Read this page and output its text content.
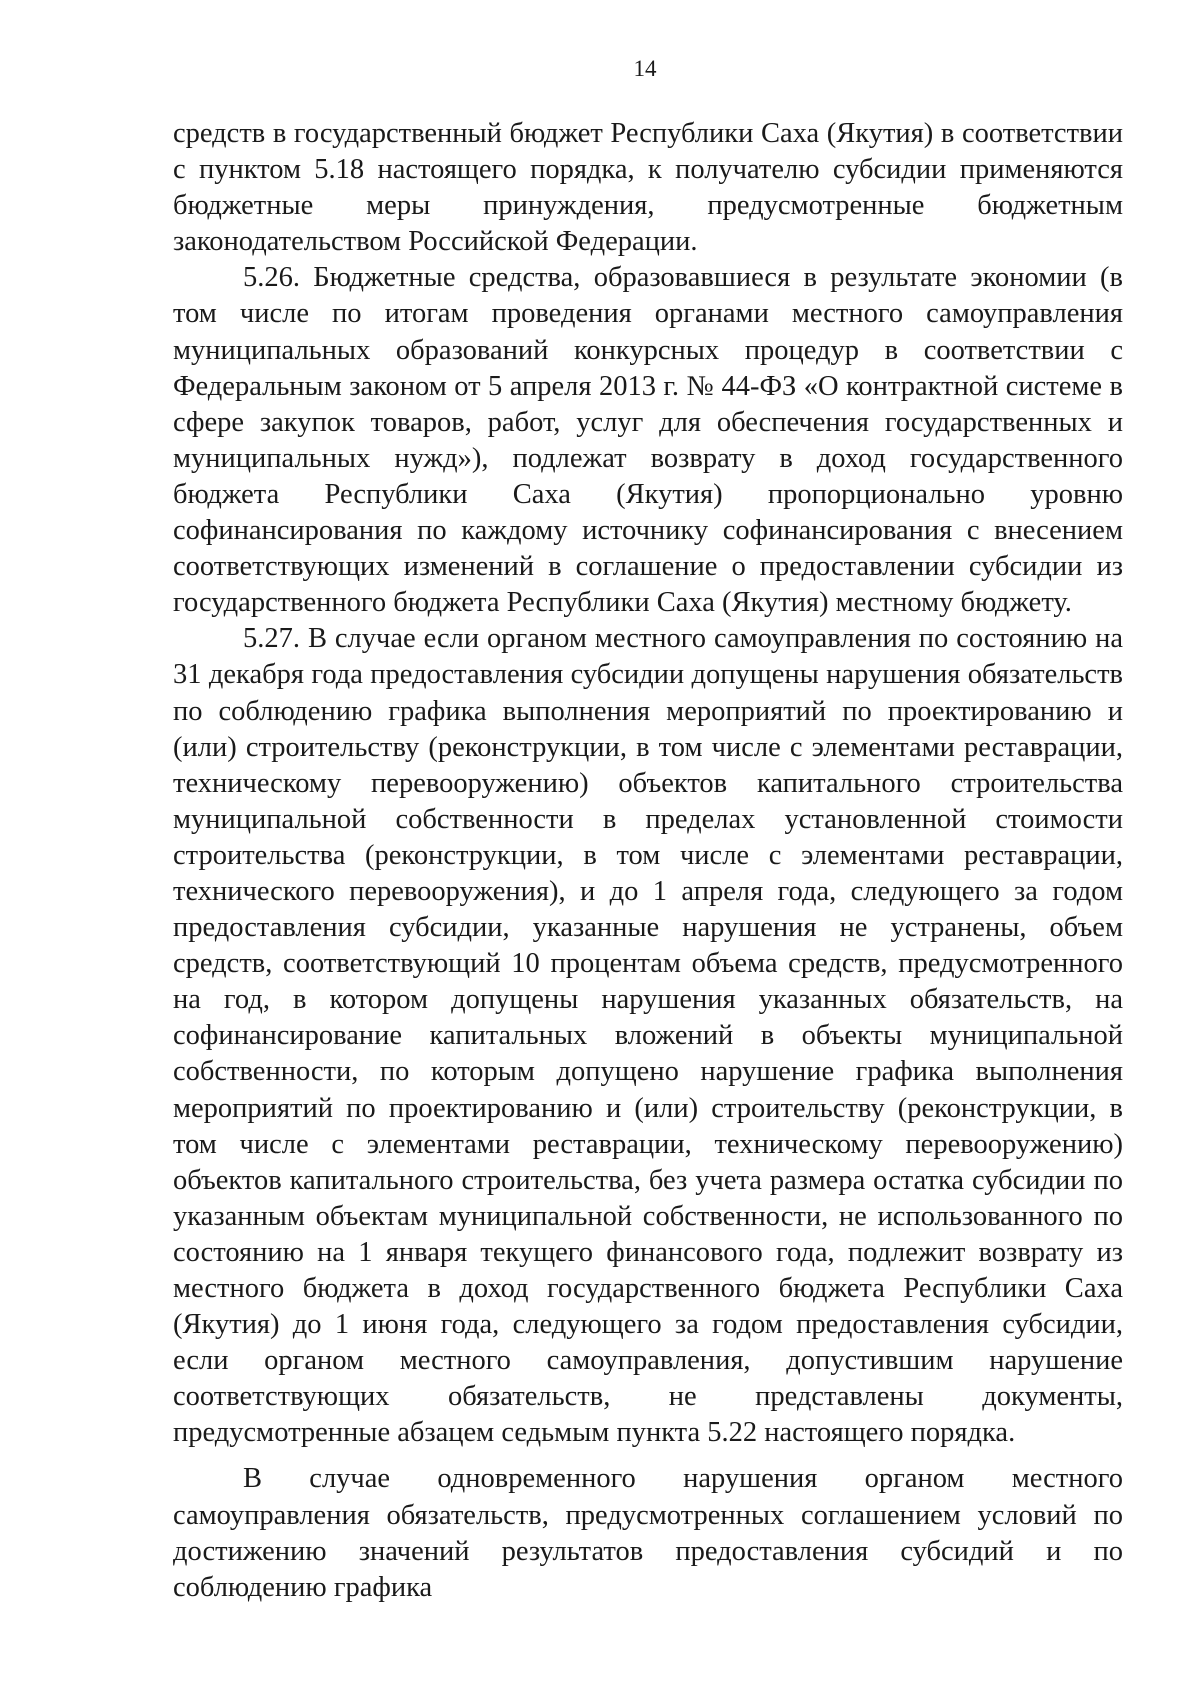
14

средств в государственный бюджет Республики Саха (Якутия) в соответствии с пунктом 5.18 настоящего порядка, к получателю субсидии применяются бюджетные меры принуждения, предусмотренные бюджетным законодательством Российской Федерации.

5.26. Бюджетные средства, образовавшиеся в результате экономии (в том числе по итогам проведения органами местного самоуправления муниципальных образований конкурсных процедур в соответствии с Федеральным законом от 5 апреля 2013 г. № 44-ФЗ «О контрактной системе в сфере закупок товаров, работ, услуг для обеспечения государственных и муниципальных нужд»), подлежат возврату в доход государственного бюджета Республики Саха (Якутия) пропорционально уровню софинансирования по каждому источнику софинансирования с внесением соответствующих изменений в соглашение о предоставлении субсидии из государственного бюджета Республики Саха (Якутия) местному бюджету.

5.27. В случае если органом местного самоуправления по состоянию на 31 декабря года предоставления субсидии допущены нарушения обязательств по соблюдению графика выполнения мероприятий по проектированию и (или) строительству (реконструкции, в том числе с элементами реставрации, техническому перевооружению) объектов капитального строительства муниципальной собственности в пределах установленной стоимости строительства (реконструкции, в том числе с элементами реставрации, технического перевооружения), и до 1 апреля года, следующего за годом предоставления субсидии, указанные нарушения не устранены, объем средств, соответствующий 10 процентам объема средств, предусмотренного на год, в котором допущены нарушения указанных обязательств, на софинансирование капитальных вложений в объекты муниципальной собственности, по которым допущено нарушение графика выполнения мероприятий по проектированию и (или) строительству (реконструкции, в том числе с элементами реставрации, техническому перевооружению) объектов капитального строительства, без учета размера остатка субсидии по указанным объектам муниципальной собственности, не использованного по состоянию на 1 января текущего финансового года, подлежит возврату из местного бюджета в доход государственного бюджета Республики Саха (Якутия) до 1 июня года, следующего за годом предоставления субсидии, если органом местного самоуправления, допустившим нарушение соответствующих обязательств, не представлены документы, предусмотренные абзацем седьмым пункта 5.22 настоящего порядка.

В случае одновременного нарушения органом местного самоуправления обязательств, предусмотренных соглашением условий по достижению значений результатов предоставления субсидий и по соблюдению графика
